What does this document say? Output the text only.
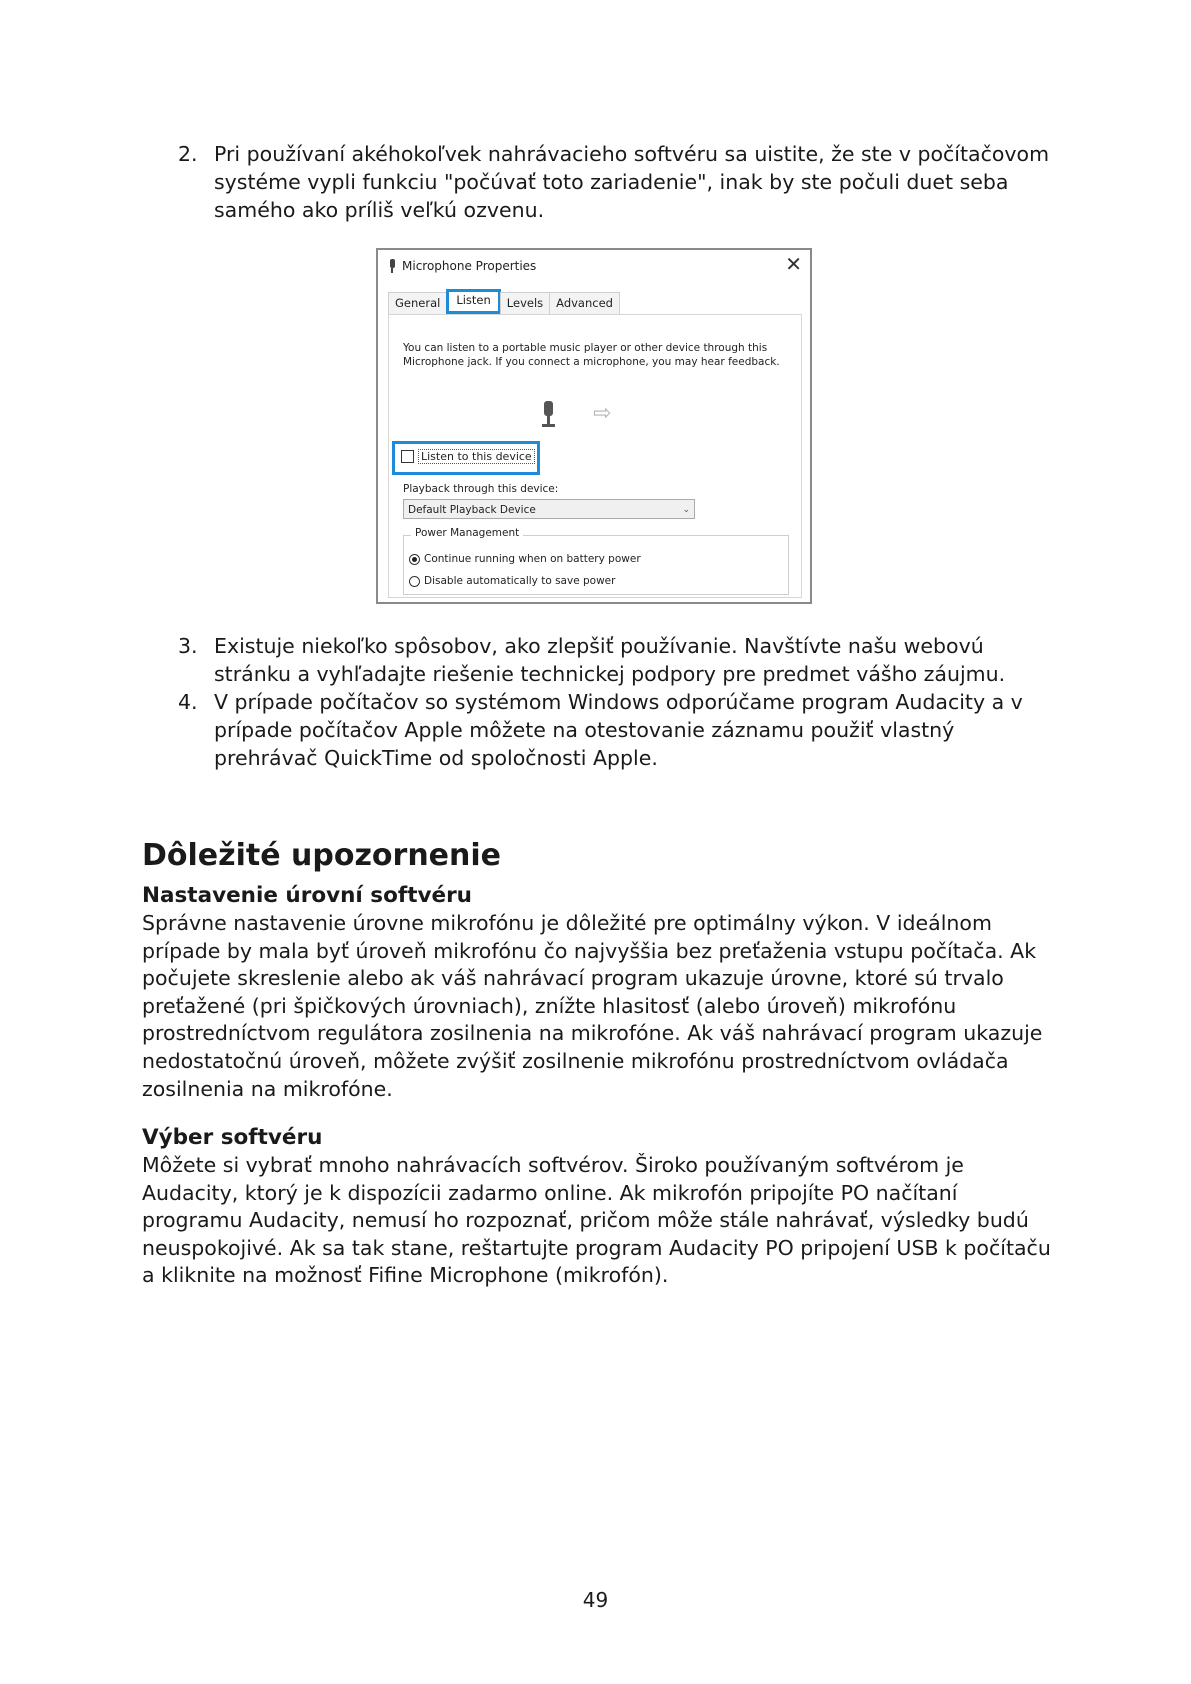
2. Pri používaní akéhokoľvek nahrávacieho softvéru sa uistite, že ste v počítačovom systéme vypli funkciu "počúvať toto zariadenie", inak by ste počuli duet seba samého ako príliš veľkú ozvenu.
Microphone Properties	✕
General	Listen	Levels	Advanced
You can listen to a portable music player or other device through this Microphone jack. If you connect a microphone, you may hear feedback.
⇨
Listen to this device
Playback through this device:
Default Playback Device	⌄
Power Management
Continue running when on battery power
Disable automatically to save power
3. Existuje niekoľko spôsobov, ako zlepšiť používanie. Navštívte našu webovú stránku a vyhľadajte riešenie technickej podpory pre predmet vášho záujmu.
4. V prípade počítačov so systémom Windows odporúčame program Audacity a v prípade počítačov Apple môžete na otestovanie záznamu použiť vlastný prehrávač QuickTime od spoločnosti Apple.
Dôležité upozornenie
Nastavenie úrovní softvéru
Správne nastavenie úrovne mikrofónu je dôležité pre optimálny výkon. V ideálnom prípade by mala byť úroveň mikrofónu čo najvyššia bez preťaženia vstupu počítača. Ak počujete skreslenie alebo ak váš nahrávací program ukazuje úrovne, ktoré sú trvalo preťažené (pri špičkových úrovniach), znížte hlasitosť (alebo úroveň) mikrofónu prostredníctvom regulátora zosilnenia na mikrofóne. Ak váš nahrávací program ukazuje nedostatočnú úroveň, môžete zvýšiť zosilnenie mikrofónu prostredníctvom ovládača zosilnenia na mikrofóne.
Výber softvéru
Môžete si vybrať mnoho nahrávacích softvérov. Široko používaným softvérom je Audacity, ktorý je k dispozícii zadarmo online. Ak mikrofón pripojíte PO načítaní programu Audacity, nemusí ho rozpoznať, pričom môže stále nahrávať, výsledky budú neuspokojivé. Ak sa tak stane, reštartujte program Audacity PO pripojení USB k počítaču a kliknite na možnosť Fifine Microphone (mikrofón).
49
